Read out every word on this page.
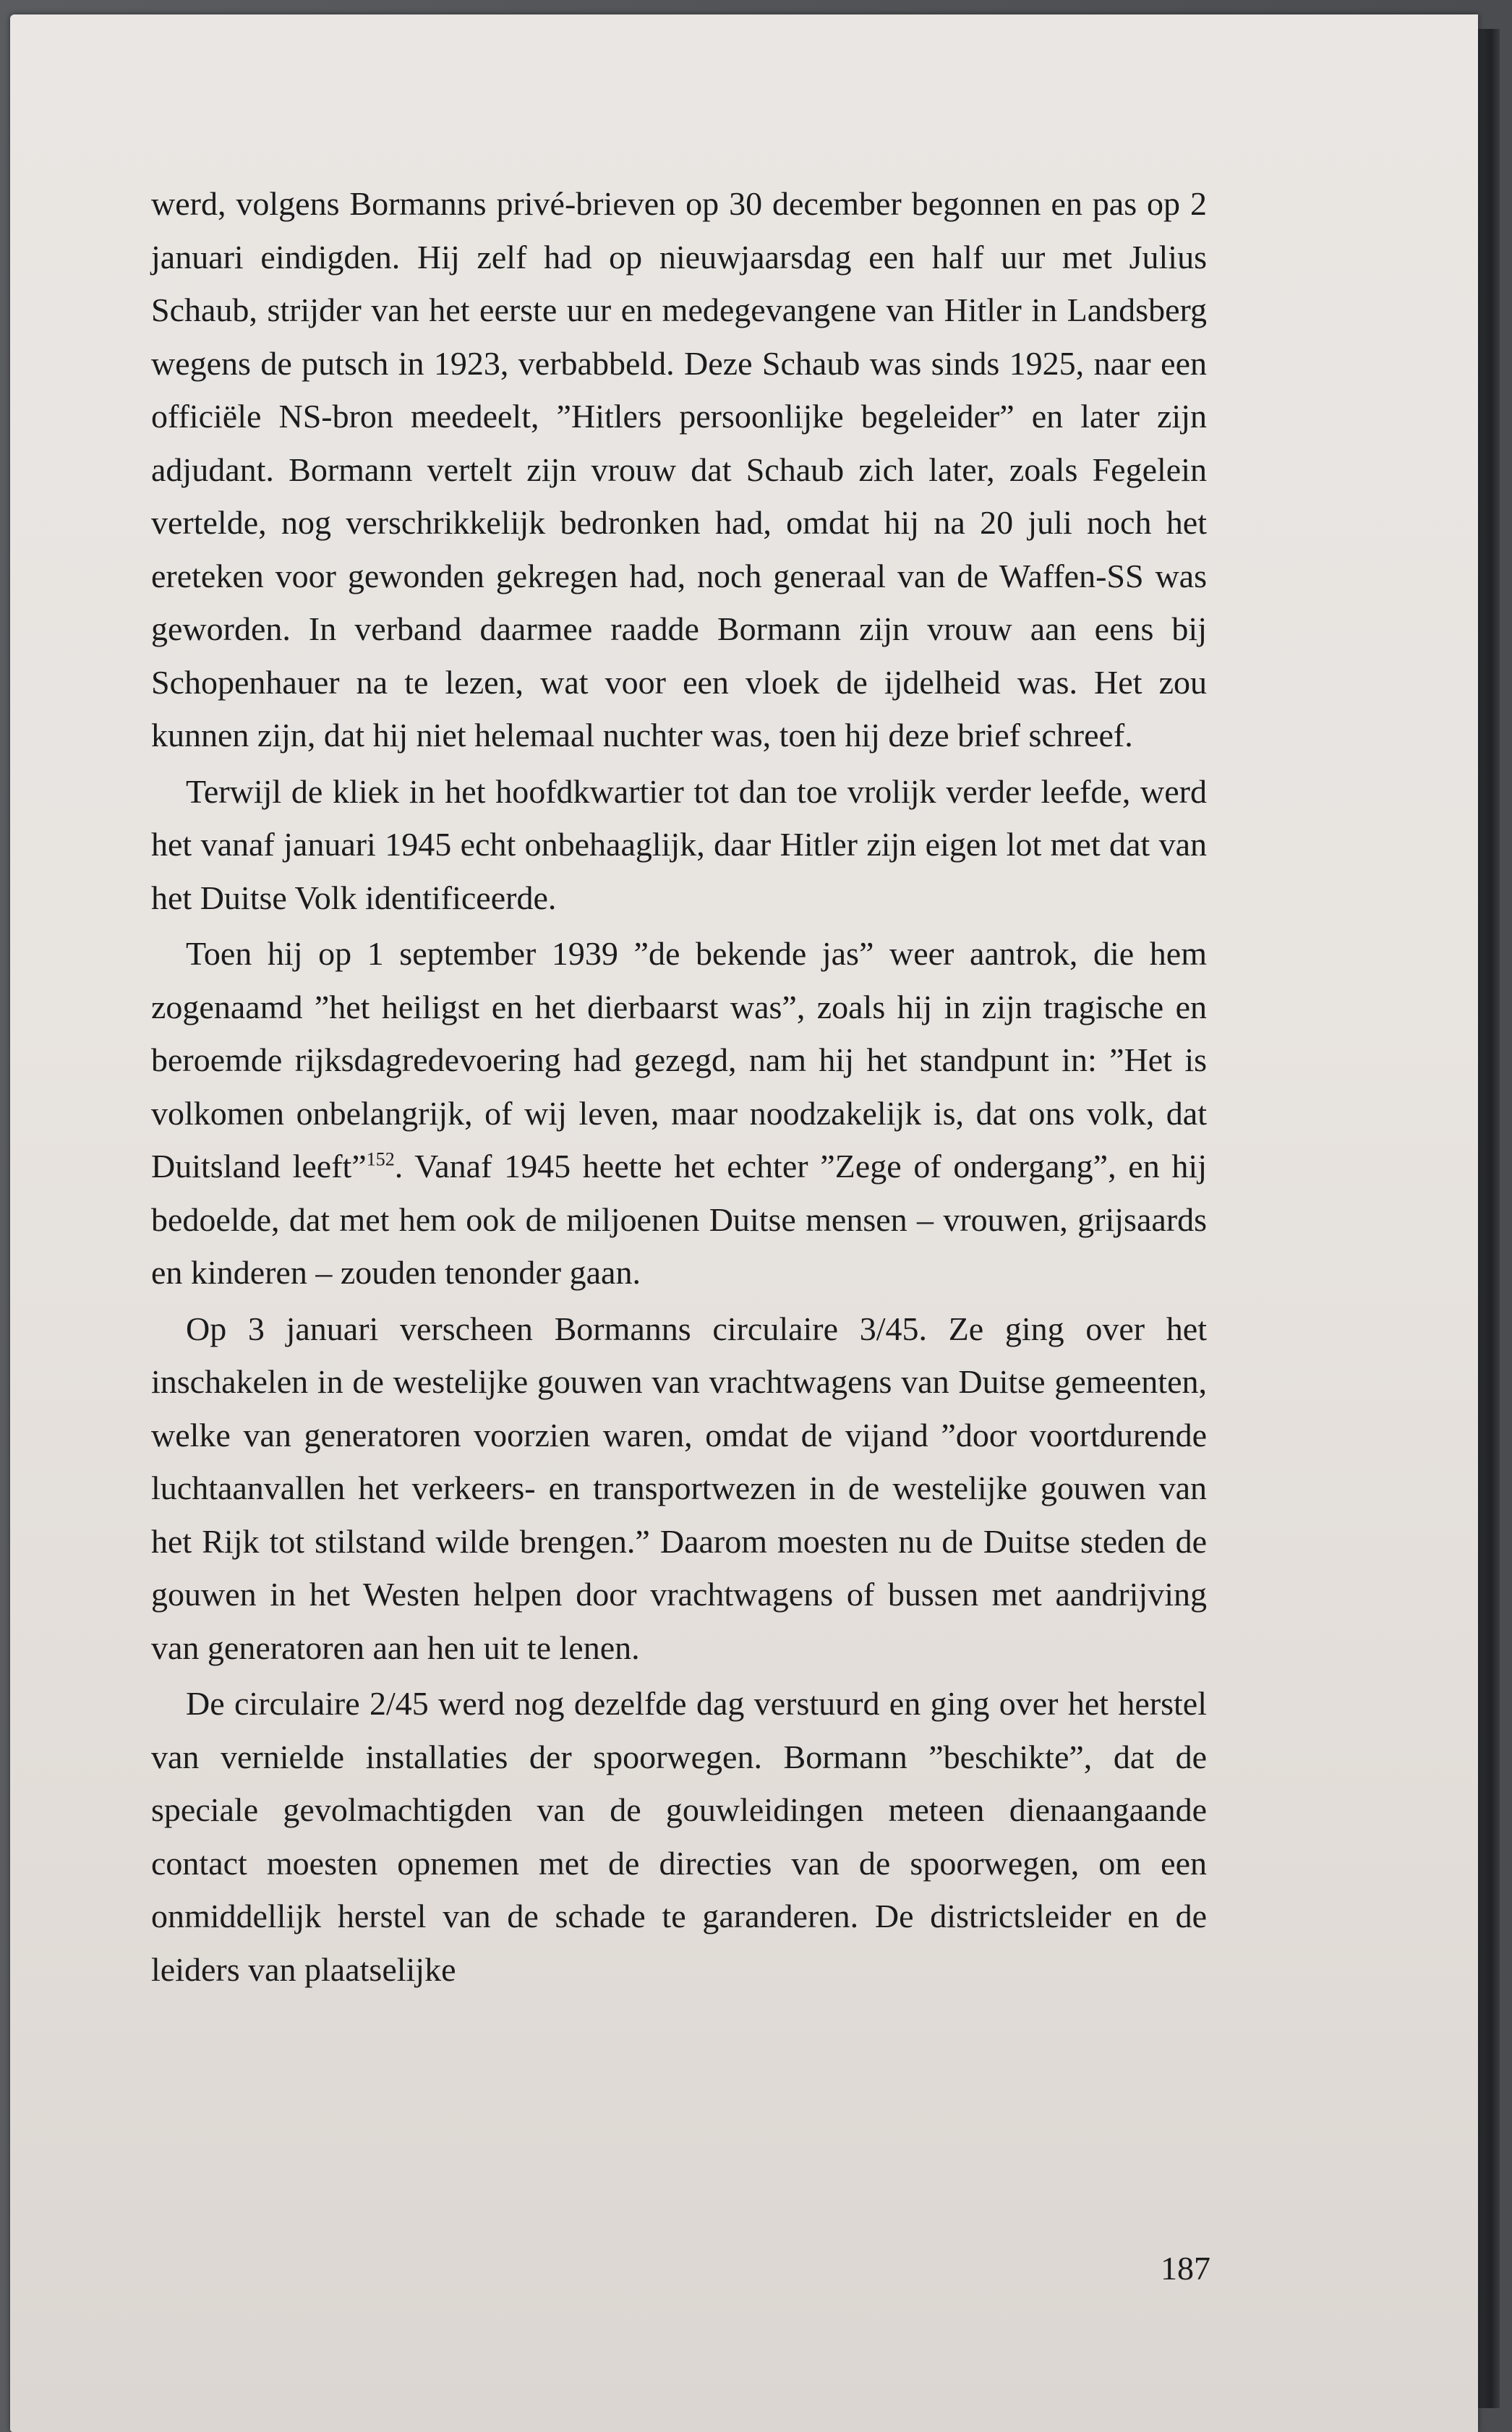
werd, volgens Bormanns privé-brieven op 30 december begonnen en pas op 2 januari eindigden. Hij zelf had op nieuwjaarsdag een half uur met Julius Schaub, strijder van het eerste uur en medegevangene van Hitler in Landsberg wegens de putsch in 1923, verbabbeld. Deze Schaub was sinds 1925, naar een officiële NS-bron meedeelt, ”Hitlers persoonlijke begeleider” en later zijn adjudant. Bormann vertelt zijn vrouw dat Schaub zich later, zoals Fegelein vertelde, nog verschrikkelijk bedronken had, omdat hij na 20 juli noch het ereteken voor gewonden gekregen had, noch generaal van de Waffen-SS was geworden. In verband daarmee raadde Bormann zijn vrouw aan eens bij Schopenhauer na te lezen, wat voor een vloek de ijdelheid was. Het zou kunnen zijn, dat hij niet helemaal nuchter was, toen hij deze brief schreef.

Terwijl de kliek in het hoofdkwartier tot dan toe vrolijk verder leefde, werd het vanaf januari 1945 echt onbehaaglijk, daar Hitler zijn eigen lot met dat van het Duitse Volk identificeerde.

Toen hij op 1 september 1939 ”de bekende jas” weer aantrok, die hem zogenaamd ”het heiligst en het dierbaarst was”, zoals hij in zijn tragische en beroemde rijksdagredevoering had gezegd, nam hij het standpunt in: ”Het is volkomen onbelangrijk, of wij leven, maar noodzakelijk is, dat ons volk, dat Duitsland leeft”$^{152}$. Vanaf 1945 heette het echter ”Zege of ondergang”, en hij bedoelde, dat met hem ook de miljoenen Duitse mensen – vrouwen, grijsaards en kinderen – zouden tenonder gaan.

Op 3 januari verscheen Bormanns circulaire 3/45. Ze ging over het inschakelen in de westelijke gouwen van vrachtwagens van Duitse gemeenten, welke van generatoren voorzien waren, omdat de vijand ”door voortdurende luchtaanvallen het verkeers- en transportwezen in de westelijke gouwen van het Rijk tot stilstand wilde brengen.” Daarom moesten nu de Duitse steden de gouwen in het Westen helpen door vrachtwagens of bussen met aandrijving van generatoren aan hen uit te lenen.

De circulaire 2/45 werd nog dezelfde dag verstuurd en ging over het herstel van vernielde installaties der spoorwegen. Bormann ”beschikte”, dat de speciale gevolmachtigden van de gouwleidingen meteen dienaangaande contact moesten opnemen met de directies van de spoorwegen, om een onmiddellijk herstel van de schade te garanderen. De districtsleider en de leiders van plaatselijke

187
